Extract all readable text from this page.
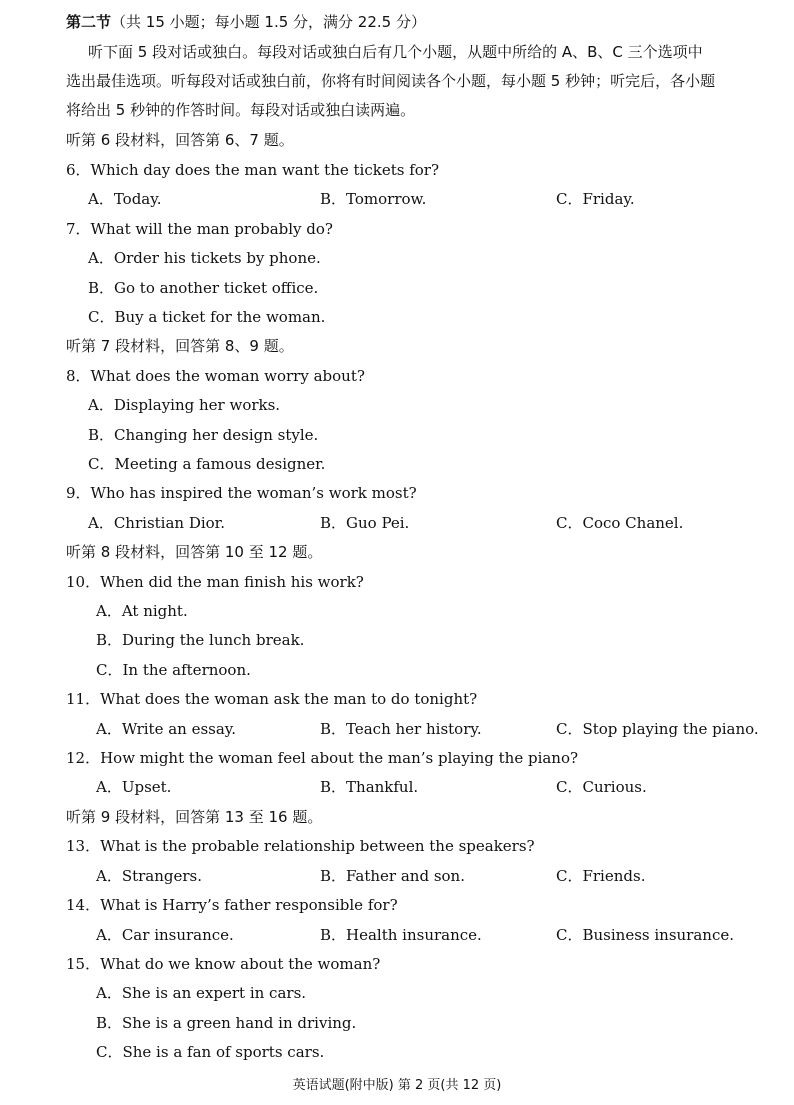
第二节（共 15 小题；每小题 1.5 分，满分 22.5 分）
听下面 5 段对话或独白。每段对话或独白后有几个小题，从题中所给的 A、B、C 三个选项中
选出最佳选项。听每段对话或独白前，你将有时间阅读各个小题，每小题 5 秒钟；听完后，各小题
将给出 5 秒钟的作答时间。每段对话或独白读两遍。
听第 6 段材料，回答第 6、7 题。
6．Which day does the man want the tickets for?
A．Today.	B．Tomorrow.	C．Friday.
7．What will the man probably do?
A．Order his tickets by phone.
B．Go to another ticket office.
C．Buy a ticket for the woman.
听第 7 段材料，回答第 8、9 题。
8．What does the woman worry about?
A．Displaying her works.
B．Changing her design style.
C．Meeting a famous designer.
9．Who has inspired the woman’s work most?
A．Christian Dior.	B．Guo Pei.	C．Coco Chanel.
听第 8 段材料，回答第 10 至 12 题。
10．When did the man finish his work?
A．At night.
B．During the lunch break.
C．In the afternoon.
11．What does the woman ask the man to do tonight?
A．Write an essay.	B．Teach her history.	C．Stop playing the piano.
12．How might the woman feel about the man’s playing the piano?
A．Upset.	B．Thankful.	C．Curious.
听第 9 段材料，回答第 13 至 16 题。
13．What is the probable relationship between the speakers?
A．Strangers.	B．Father and son.	C．Friends.
14．What is Harry’s father responsible for?
A．Car insurance.	B．Health insurance.	C．Business insurance.
15．What do we know about the woman?
A．She is an expert in cars.
B．She is a green hand in driving.
C．She is a fan of sports cars.
英语试题(附中版) 第 2 页(共 12 页)
